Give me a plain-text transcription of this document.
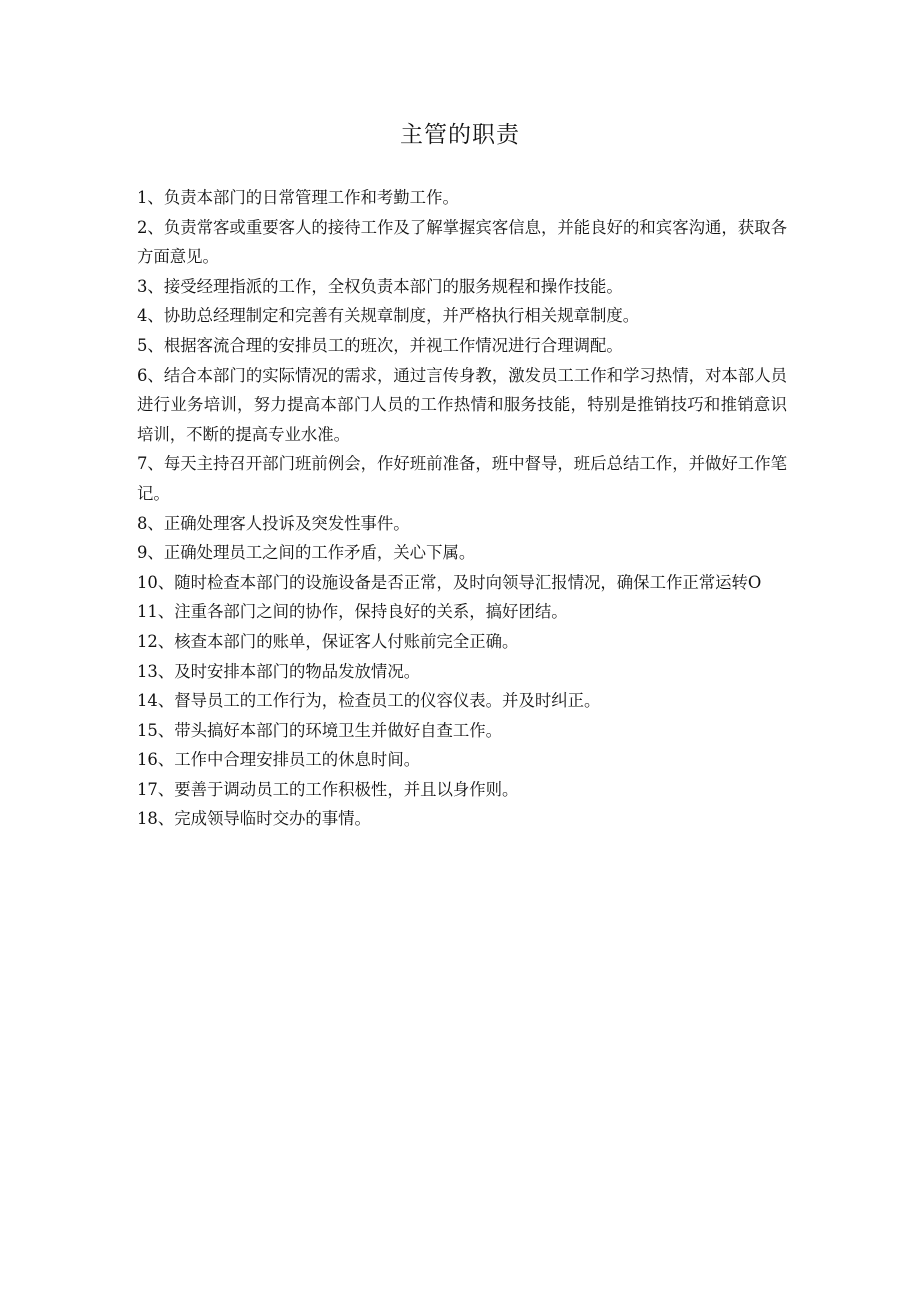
主管的职责
1、负责本部门的日常管理工作和考勤工作。
2、负责常客或重要客人的接待工作及了解掌握宾客信息，并能良好的和宾客沟通，获取各方面意见。
3、接受经理指派的工作，全权负责本部门的服务规程和操作技能。
4、协助总经理制定和完善有关规章制度，并严格执行相关规章制度。
5、根据客流合理的安排员工的班次，并视工作情况进行合理调配。
6、结合本部门的实际情况的需求，通过言传身教，激发员工工作和学习热情，对本部人员进行业务培训，努力提高本部门人员的工作热情和服务技能，特别是推销技巧和推销意识培训，不断的提高专业水准。
7、每天主持召开部门班前例会，作好班前准备，班中督导，班后总结工作，并做好工作笔记。
8、正确处理客人投诉及突发性事件。
9、正确处理员工之间的工作矛盾，关心下属。
10、随时检查本部门的设施设备是否正常，及时向领导汇报情况，确保工作正常运转O
11、注重各部门之间的协作，保持良好的关系，搞好团结。
12、核查本部门的账单，保证客人付账前完全正确。
13、及时安排本部门的物品发放情况。
14、督导员工的工作行为，检查员工的仪容仪表。并及时纠正。
15、带头搞好本部门的环境卫生并做好自查工作。
16、工作中合理安排员工的休息时间。
17、要善于调动员工的工作积极性，并且以身作则。
18、完成领导临时交办的事情。
